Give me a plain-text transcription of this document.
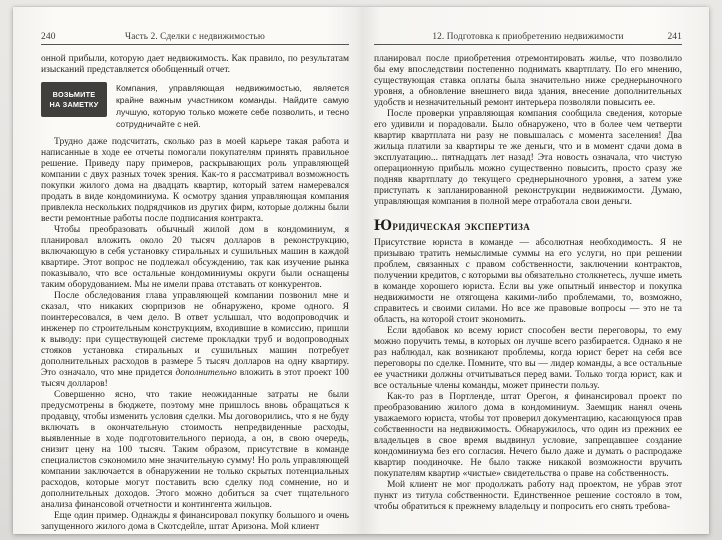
240	Часть 2. Сделки с недвижимостью

онной прибыли, которую дает недвижимость. Как правило, по результатам изысканий представляется обобщенный отчет.

ВОЗЬМИТЕ
НА ЗАМЕТКУ
Компания, управляющая недвижимостью, является крайне важным участником команды. Найдите самую лучшую, которую только можете себе позволить, и тесно сотрудничайте с ней.

Трудно даже подсчитать, сколько раз в моей карьере такая работа и написанные в ходе ее отчеты помогали покупателям принять правильное решение. Приведу пару примеров, раскрывающих роль управляющей компании с двух разных точек зрения. Как-то я рассматривал возможность покупки жилого дома на двадцать квартир, который затем намеревался продать в виде кондоминиума. К осмотру здания управляющая компания привлекла нескольких подрядчиков из других фирм, которые должны были вести ремонтные работы после подписания контракта.

Чтобы преобразовать обычный жилой дом в кондоминиум, я планировал вложить около 20 тысяч долларов в реконструкцию, включающую в себя установку стиральных и сушильных машин в каждой квартире. Этот вопрос не подлежал обсуждению, так как изучение рынка показывало, что все остальные кондоминиумы округи были оснащены таким оборудованием. Мы не имели права отставать от конкурентов.

После обследования глава управляющей компании позвонил мне и сказал, что никаких сюрпризов не обнаружено, кроме одного. Я поинтересовался, в чем дело. В ответ услышал, что водопроводчик и инженер по строительным конструкциям, входившие в комиссию, пришли к выводу: при существующей системе прокладки труб и водопроводных стояков установка стиральных и сушильных машин потребует дополнительных расходов в размере 5 тысяч долларов на одну квартиру. Это означало, что мне придется дополнительно вложить в этот проект 100 тысяч долларов!

Совершенно ясно, что такие неожиданные затраты не были предусмотрены в бюджете, поэтому мне пришлось вновь обращаться к продавцу, чтобы изменить условия сделки. Мы договорились, что я не буду включать в окончательную стоимость непредвиденные расходы, выявленные в ходе подготовительного периода, а он, в свою очередь, снизит цену на 100 тысяч. Таким образом, присутствие в команде специалистов сэкономило мне значительную сумму! Но роль управляющей компании заключается в обнаружении не только скрытых потенциальных расходов, которые могут поставить всю сделку под сомнение, но и дополнительных доходов. Этого можно добиться за счет тщательного анализа финансовой отчетности и контингента жильцов.

Еще один пример. Однажды я финансировал покупку большого и очень запущенного жилого дома в Скотсдейле, штат Аризона. Мой клиент

241
12. Подготовка к приобретению недвижимости

планировал после приобретения отремонтировать жилье, что позволило бы ему впоследствии постепенно поднимать квартплату. По его мнению, существующая ставка оплаты была значительно ниже среднерыночного уровня, а обновление внешнего вида здания, внесение дополнительных удобств и незначительный ремонт интерьера позволяли повысить ее.

После проверки управляющая компания сообщила сведения, которые его удивили и порадовали. Было обнаружено, что в более чем четверти квартир квартплата ни разу не повышалась с момента заселения! Два жильца платили за квартиры те же деньги, что и в момент сдачи дома в эксплуатацию... пятнадцать лет назад! Эта новость означала, что чистую операционную прибыль можно существенно повысить, просто сразу же подняв квартплату до текущего среднерыночного уровня, а затем уже приступать к запланированной реконструкции недвижимости. Думаю, управляющая компания в полной мере отработала свои деньги.

Юридическая экспертиза

Присутствие юриста в команде — абсолютная необходимость. Я не призываю тратить немыслимые суммы на его услуги, но при решении проблем, связанных с правом собственности, заключении контрактов, получении кредитов, с которыми вы обязательно столкнетесь, лучше иметь в команде хорошего юриста. Если вы уже опытный инвестор и покупка недвижимости не отягощена какими-либо проблемами, то, возможно, справитесь и своими силами. Но все же правовые вопросы — это не та область, на которой стоит экономить.

Если вдобавок ко всему юрист способен вести переговоры, то ему можно поручить темы, в которых он лучше всего разбирается. Однако я не раз наблюдал, как возникают проблемы, когда юрист берет на себя все переговоры по сделке. Помните, что вы — лидер команды, а все остальные ее участники должны отчитываться перед вами. Только тогда юрист, как и все остальные члены команды, может принести пользу.

Как-то раз в Портленде, штат Орегон, я финансировал проект по преобразованию жилого дома в кондоминиум. Заемщик нанял очень уважаемого юриста, чтобы тот проверил документацию, касающуюся прав собственности на недвижимость. Обнаружилось, что один из прежних ее владельцев в свое время выдвинул условие, запрещавшее создание кондоминиума без его согласия. Нечего было даже и думать о распродаже квартир поодиночке. Не было также никакой возможности вручить покупателям квартир «чистые» свидетельства о праве на собственность.

Мой клиент не мог продолжать работу над проектом, не убрав этот пункт из титула собственности. Единственное решение состояло в том, чтобы обратиться к прежнему владельцу и попросить его снять требова-
